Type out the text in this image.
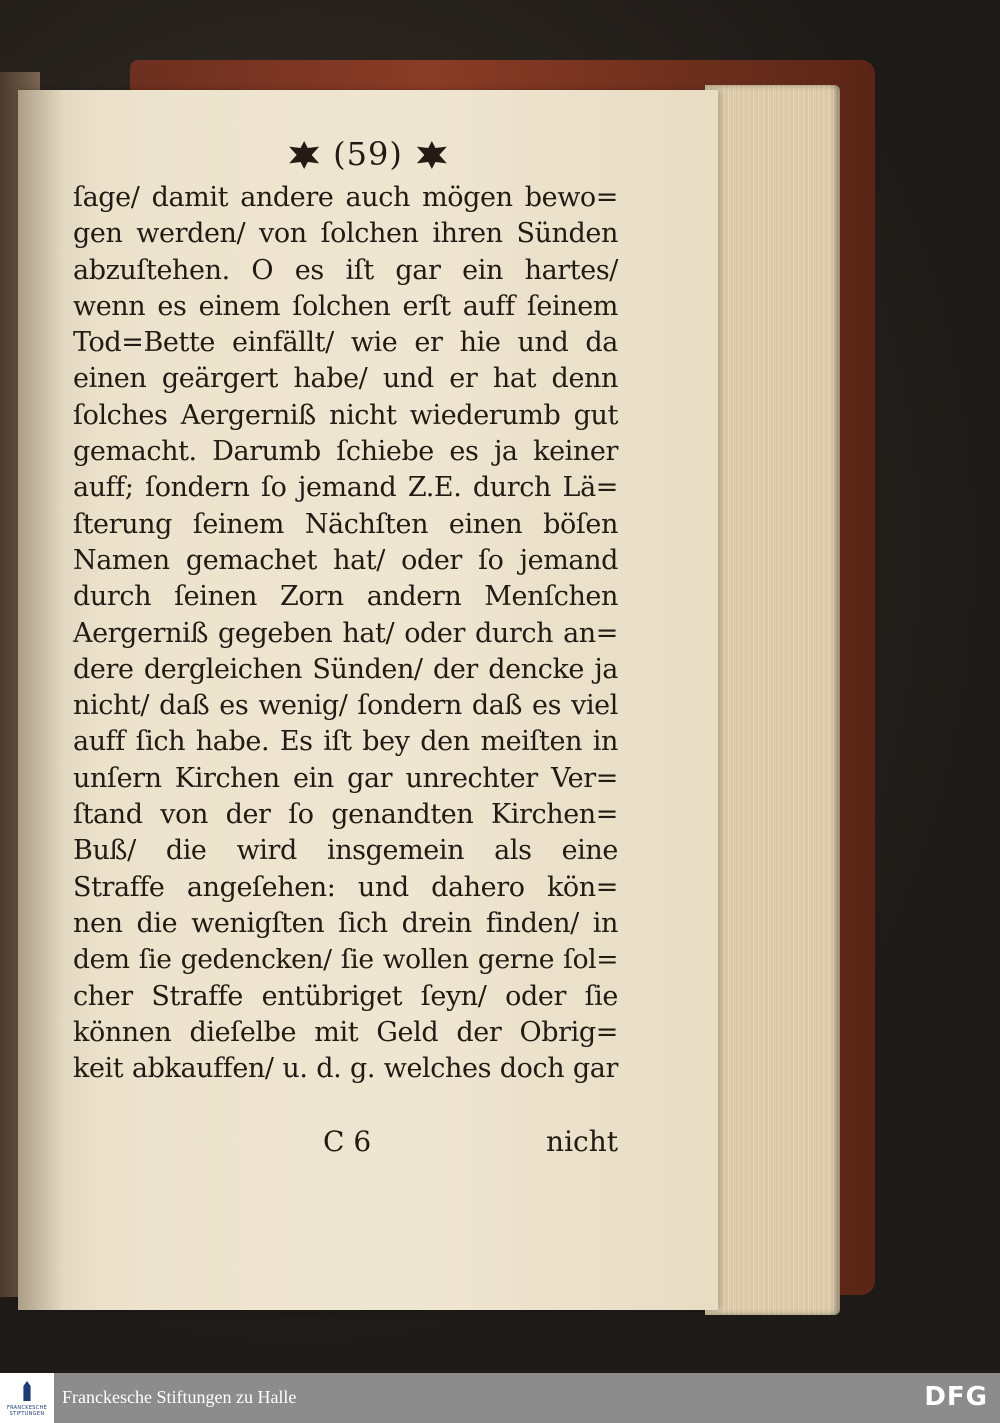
(59)
ſage/ damit andere auch mögen bewo=
gen werden/ von ſolchen ihren Sünden
abzuſtehen. O es iſt gar ein hartes/
wenn es einem ſolchen erſt auff ſeinem
Tod=Bette einfällt/ wie er hie und da
einen geärgert habe/ und er hat denn
ſolches Aergerniß nicht wiederumb gut
gemacht. Darumb ſchiebe es ja keiner
auff; ſondern ſo jemand Z.E. durch Lä=
ſterung ſeinem Nächſten einen böſen
Namen gemachet hat/ oder ſo jemand
durch ſeinen Zorn andern Menſchen
Aergerniß gegeben hat/ oder durch an=
dere dergleichen Sünden/ der dencke ja
nicht/ daß es wenig/ ſondern daß es viel
auff ſich habe. Es iſt bey den meiſten in
unſern Kirchen ein gar unrechter Ver=
ſtand von der ſo genandten Kirchen=
Buß/ die wird insgemein als eine
Straffe angeſehen: und dahero kön=
nen die wenigſten ſich drein finden/ in
dem ſie gedencken/ ſie wollen gerne ſol=
cher Straffe entübriget ſeyn/ oder ſie
können dieſelbe mit Geld der Obrig=
keit abkauffen/ u. d. g. welches doch gar
C 6	nicht
FRANCKESCHE
STIFTUNGEN
Franckesche Stiftungen zu Halle	DFG
